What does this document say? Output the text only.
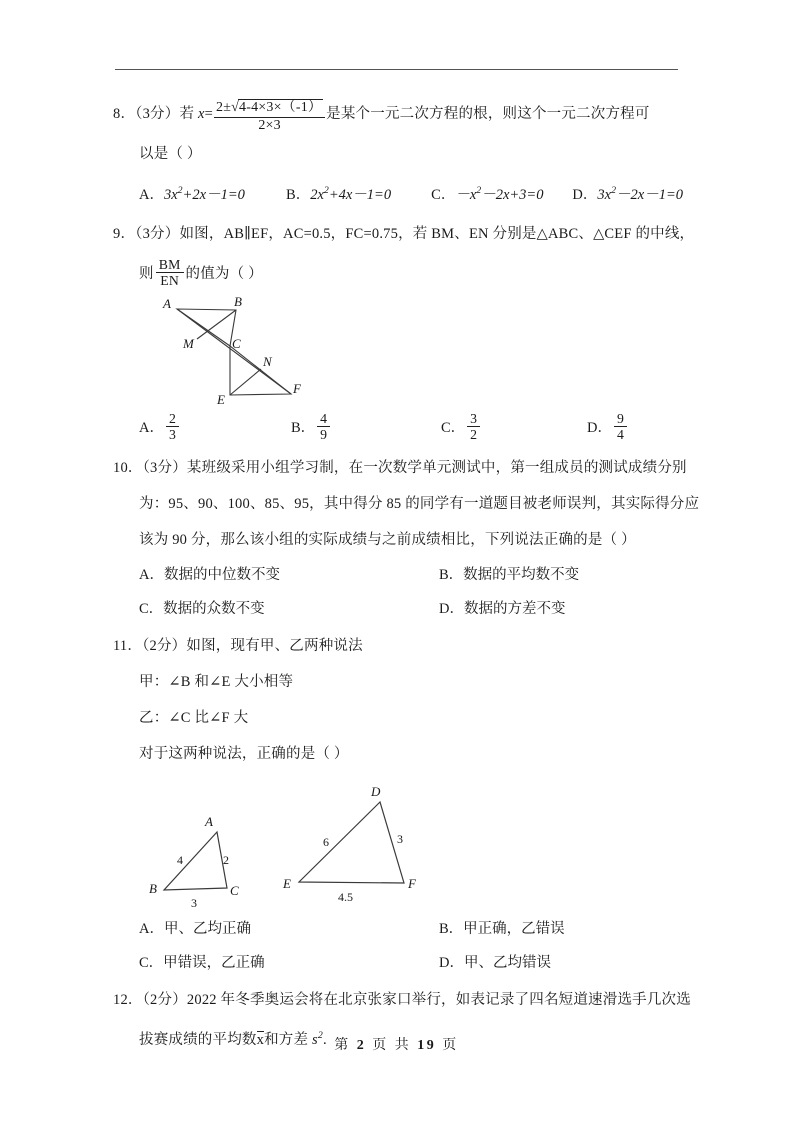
8．（3分）若 $x= \frac{2\pm√4-4\times 3\times(-1)}{2\times 3}$ 是某个一元二次方程的根，则这个一元二次方程可
以是（ ）
A．$3x^2+2x-1=0$	B．$2x^2+4x-1=0$	C．$-x^2-2x+3=0$	D．$3x^2-2x-1=0$
9．（3分）如图，AB∥EF，AC=0.5，FC=0.75，若 BM、EN 分别是△ABC、△CEF 的中线，
则 $\frac{BM}{EN}$ 的值为（ ）
A	B
M	C
N
E
F
A． $\frac{2}{3}$	B． $\frac{4}{9}$	C． $\frac{3}{2}$	D． $\frac{9}{4}$
10．（3分）某班级采用小组学习制，在一次数学单元测试中，第一组成员的测试成绩分别
为：95、90、100、85、95，其中得分 85 的同学有一道题目被老师误判，其实际得分应
该为 90 分，那么该小组的实际成绩与之前成绩相比，下列说法正确的是（ ）
A．数据的中位数不变	B．数据的平均数不变
C．数据的众数不变	D．数据的方差不变
11．（2分）如图，现有甲、乙两种说法
甲：∠B 和∠E 大小相等
乙：∠C 比∠F 大
对于这两种说法，正确的是（ ）
A
B	C
4	2
3
D
E	F
6	3
4.5
A．甲、乙均正确	B．甲正确，乙错误
C．甲错误，乙正确	D．甲、乙均错误
12．（2分）2022 年冬季奥运会将在北京张家口举行，如表记录了四名短道速滑选手几次选
拔赛成绩的平均数x和方差 $s^2$. 第 2 页 共 19 页
